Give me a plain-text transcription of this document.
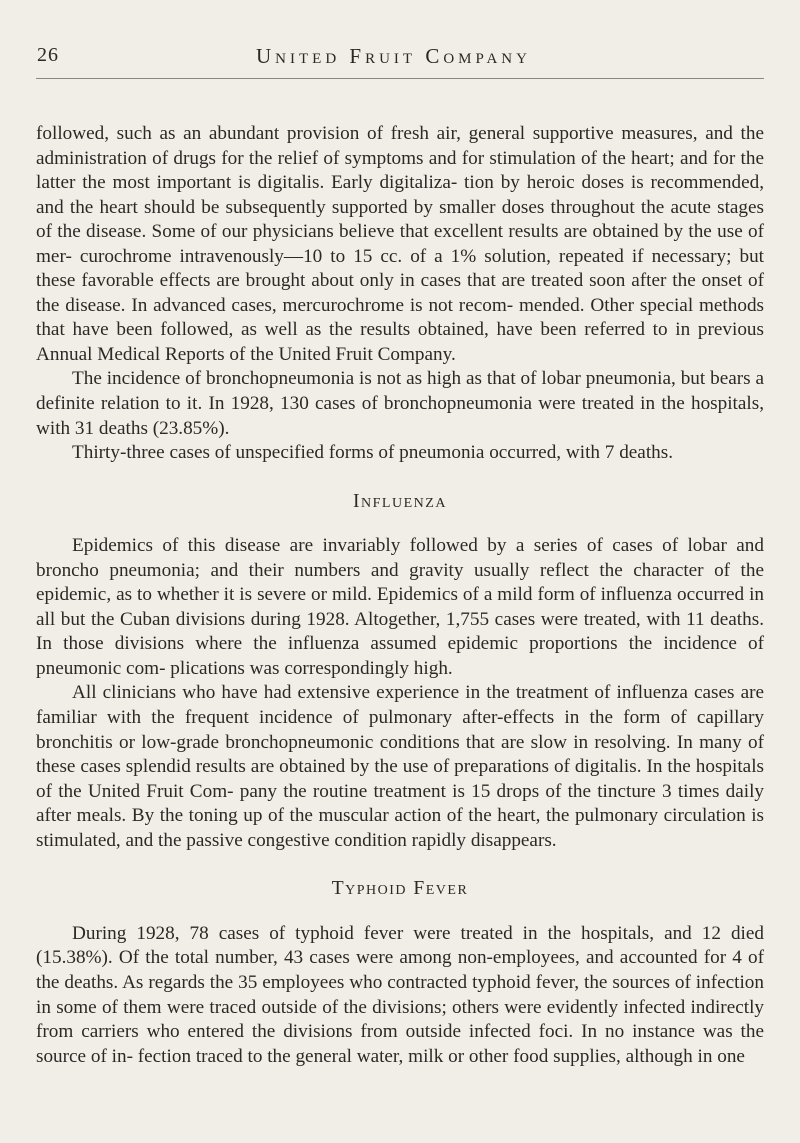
26	United Fruit Company

followed, such as an abundant provision of fresh air, general supportive measures, and the administration of drugs for the relief of symptoms and for stimulation of the heart; and for the latter the most important is digitalis. Early digitaliza- tion by heroic doses is recommended, and the heart should be subsequently supported by smaller doses throughout the acute stages of the disease. Some of our physicians believe that excellent results are obtained by the use of mer- curochrome intravenously—10 to 15 cc. of a 1% solution, repeated if necessary; but these favorable effects are brought about only in cases that are treated soon after the onset of the disease. In advanced cases, mercurochrome is not recom- mended. Other special methods that have been followed, as well as the results obtained, have been referred to in previous Annual Medical Reports of the United Fruit Company.

The incidence of bronchopneumonia is not as high as that of lobar pneumonia, but bears a definite relation to it. In 1928, 130 cases of bronchopneumonia were treated in the hospitals, with 31 deaths (23.85%).

Thirty-three cases of unspecified forms of pneumonia occurred, with 7 deaths.

Influenza

Epidemics of this disease are invariably followed by a series of cases of lobar and broncho pneumonia; and their numbers and gravity usually reflect the character of the epidemic, as to whether it is severe or mild. Epidemics of a mild form of influenza occurred in all but the Cuban divisions during 1928. Altogether, 1,755 cases were treated, with 11 deaths. In those divisions where the influenza assumed epidemic proportions the incidence of pneumonic com- plications was correspondingly high.

All clinicians who have had extensive experience in the treatment of influenza cases are familiar with the frequent incidence of pulmonary after-effects in the form of capillary bronchitis or low-grade bronchopneumonic conditions that are slow in resolving. In many of these cases splendid results are obtained by the use of preparations of digitalis. In the hospitals of the United Fruit Com- pany the routine treatment is 15 drops of the tincture 3 times daily after meals. By the toning up of the muscular action of the heart, the pulmonary circulation is stimulated, and the passive congestive condition rapidly disappears.

Typhoid Fever

During 1928, 78 cases of typhoid fever were treated in the hospitals, and 12 died (15.38%). Of the total number, 43 cases were among non-employees, and accounted for 4 of the deaths. As regards the 35 employees who contracted typhoid fever, the sources of infection in some of them were traced outside of the divisions; others were evidently infected indirectly from carriers who entered the divisions from outside infected foci. In no instance was the source of in- fection traced to the general water, milk or other food supplies, although in one
